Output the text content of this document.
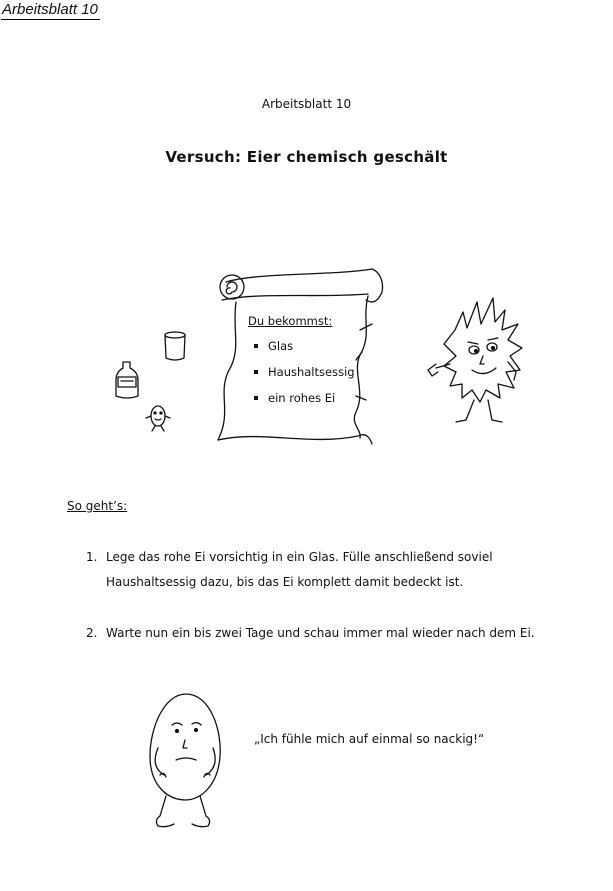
Arbeitsblatt 10
Arbeitsblatt 10
Versuch: Eier chemisch geschält
Du bekommst:
Glas
Haushaltsessig
ein rohes Ei
So geht’s:
1. Lege das rohe Ei vorsichtig in ein Glas. Fülle anschließend soviel Haushaltsessig dazu, bis das Ei komplett damit bedeckt ist.
2. Warte nun ein bis zwei Tage und schau immer mal wieder nach dem Ei.
„Ich fühle mich auf einmal so nackig!“
